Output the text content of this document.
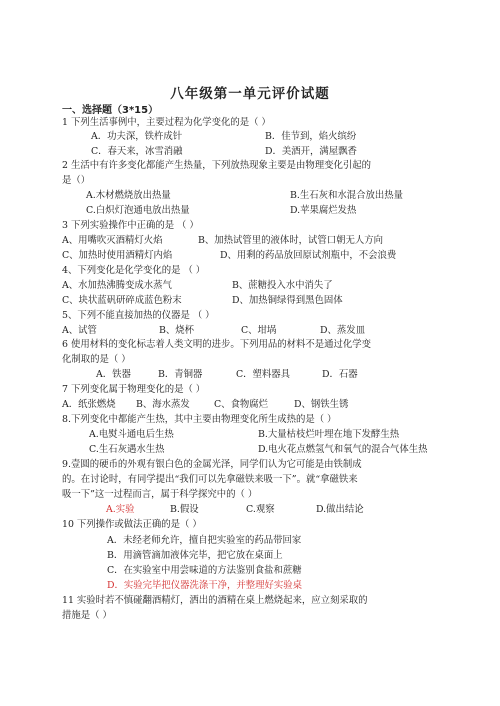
八年级第一单元评价试题
一、选择题（3*15）
1 下列生活事例中，主要过程为化学变化的是（ ）
A．功夫深，铁杵成针	B．佳节到，焰火缤纷
C．春天来，冰雪消融	D．美酒开，满屋飘香
2 生活中有许多变化都能产生热量，下列放热现象主要是由物理变化引起的
是（）
A.木材燃烧放出热量	B.生石灰和水混合放出热量
C.白炽灯泡通电放出热量	D.苹果腐烂发热
3 下列实验操作中正确的是 （ ）
A、用嘴吹灭酒精灯火焰	B、加热试管里的液体时，试管口朝无人方向
C、加热时使用酒精灯内焰	D、用剩的药品放回原试剂瓶中，不会浪费
4、下列变化是化学变化的是 （ ）
A、水加热沸腾变成水蒸气	B、蔗糖投入水中消失了
C、块状蓝矾研碎成蓝色粉末	D、加热铜绿得到黑色固体
5、下列不能直接加热的仪器是 （ ）
A、试管	B、烧杯	C、坩埚	D、蒸发皿
6 使用材料的变化标志着人类文明的进步。下列用品的材料不是通过化学变
化制取的是（ ）
A．铁器	B．青铜器	C．塑料器具	D．石器
7 下列变化属于物理变化的是（ ）
A．纸张燃烧 B、海水蒸发	C、食物腐烂	D、钢铁生锈
8.下列变化中都能产生热，其中主要由物理变化所生成热的是（ ）
A.电熨斗通电后生热	B.大量枯枝烂叶埋在地下发酵生热
C.生石灰遇水生热	D.电火花点燃氢气和氧气的混合气体生热
9.壹圆的硬币的外观有银白色的金属光泽，同学们认为它可能是由铁制成
的。在讨论时，有同学提出“我们可以先拿磁铁来吸一下”。就“拿磁铁来
吸一下”这一过程而言，属于科学探究中的（ ）
A.实验	B.假设	C.观察	D.做出结论
10 下列操作或做法正确的是（ ）
A．未经老师允许，擅自把实验室的药品带回家
B．用滴管滴加液体完毕，把它放在桌面上
C．在实验室中用尝味道的方法鉴别食盐和蔗糖
D．实验完毕把仪器洗涤干净，并整理好实验桌
11 实验时若不慎碰翻酒精灯，洒出的酒精在桌上燃烧起来，应立刻采取的
措施是（ ）
